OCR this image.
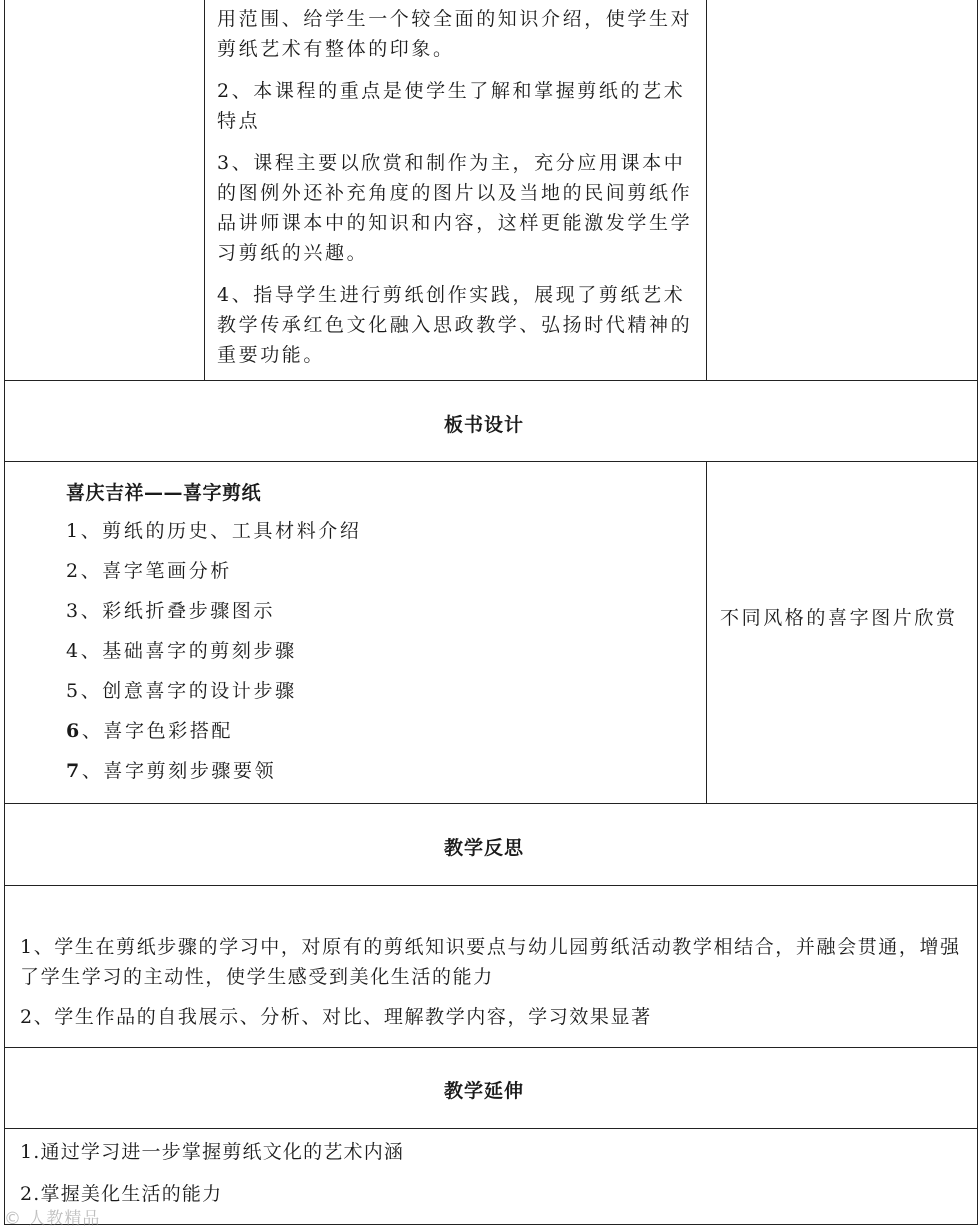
用范围、给学生一个较全面的知识介绍，使学生对剪纸艺术有整体的印象。

2、本课程的重点是使学生了解和掌握剪纸的艺术特点

3、课程主要以欣赏和制作为主，充分应用课本中的图例外还补充角度的图片以及当地的民间剪纸作品讲师课本中的知识和内容，这样更能激发学生学习剪纸的兴趣。

4、指导学生进行剪纸创作实践，展现了剪纸艺术教学传承红色文化融入思政教学、弘扬时代精神的重要功能。

板书设计
喜庆吉祥——喜字剪纸
1、剪纸的历史、工具材料介绍
2、喜字笔画分析
3、彩纸折叠步骤图示
4、基础喜字的剪刻步骤
5、创意喜字的设计步骤
6、喜字色彩搭配
7、喜字剪刻步骤要领
不同风格的喜字图片欣赏
教学反思

1、学生在剪纸步骤的学习中，对原有的剪纸知识要点与幼儿园剪纸活动教学相结合，并融会贯通，增强了学生学习的主动性，使学生感受到美化生活的能力

2、学生作品的自我展示、分析、对比、理解教学内容，学习效果显著

教学延伸

1.通过学习进一步掌握剪纸文化的艺术内涵

2.掌握美化生活的能力

© 人教精品
